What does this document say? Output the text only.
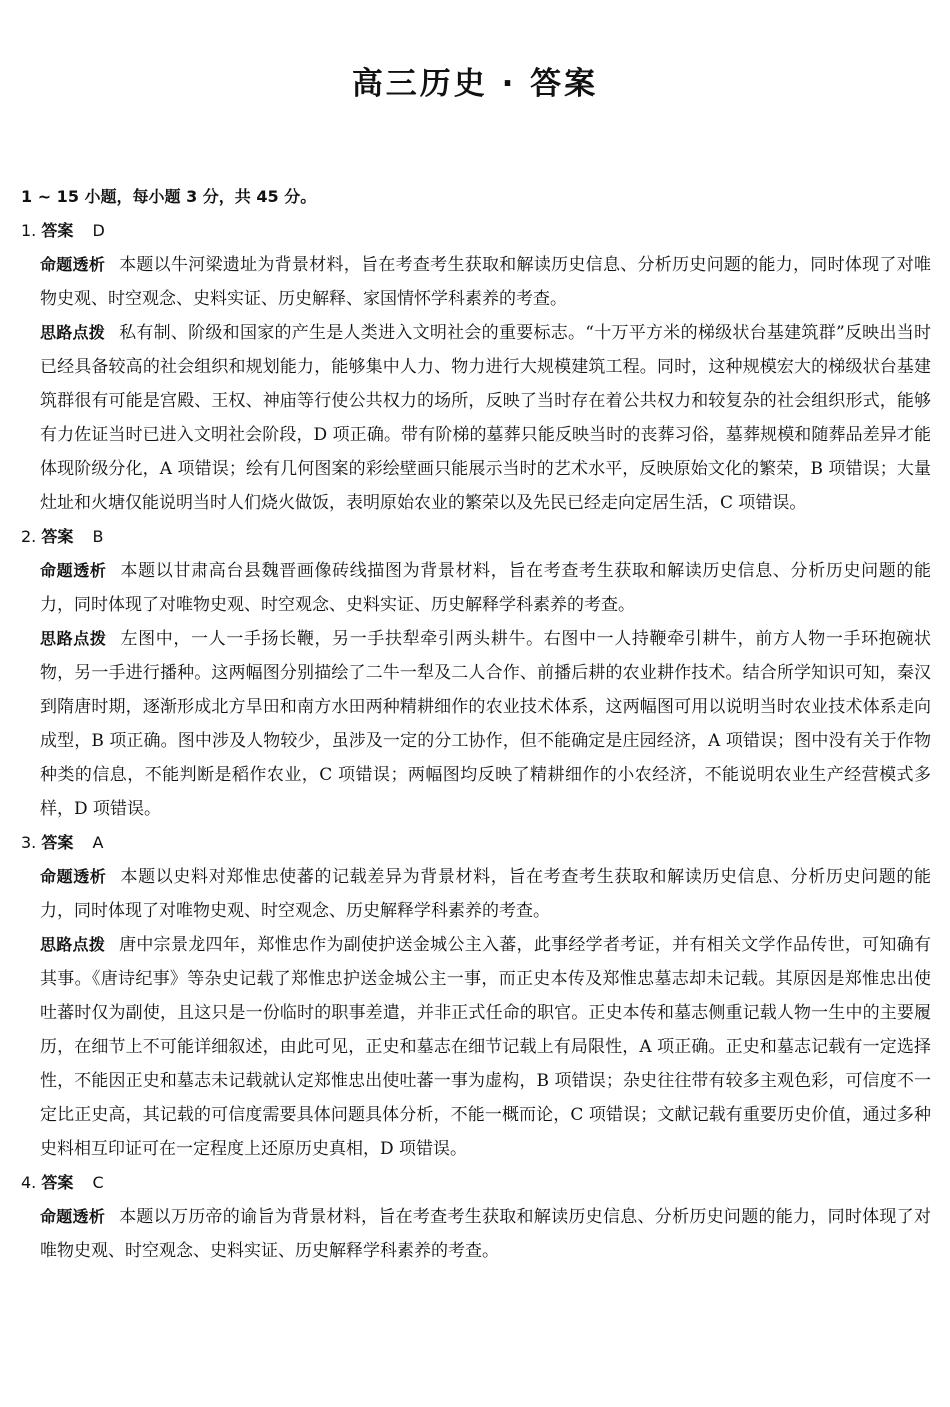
高三历史 · 答案
1 ~ 15 小题，每小题 3 分，共 45 分。
1. 答案 D

命题透析 本题以牛河梁遗址为背景材料，旨在考查考生获取和解读历史信息、分析历史问题的能力，同时体现了对唯物史观、时空观念、史料实证、历史解释、家国情怀学科素养的考查。

思路点拨 私有制、阶级和国家的产生是人类进入文明社会的重要标志。“十万平方米的梯级状台基建筑群”反映出当时已经具备较高的社会组织和规划能力，能够集中人力、物力进行大规模建筑工程。同时，这种规模宏大的梯级状台基建筑群很有可能是宫殿、王权、神庙等行使公共权力的场所，反映了当时存在着公共权力和较复杂的社会组织形式，能够有力佐证当时已进入文明社会阶段，D 项正确。带有阶梯的墓葬只能反映当时的丧葬习俗，墓葬规模和随葬品差异才能体现阶级分化，A 项错误；绘有几何图案的彩绘壁画只能展示当时的艺术水平，反映原始文化的繁荣，B 项错误；大量灶址和火塘仅能说明当时人们烧火做饭，表明原始农业的繁荣以及先民已经走向定居生活，C 项错误。

2. 答案 B

命题透析 本题以甘肃高台县魏晋画像砖线描图为背景材料，旨在考查考生获取和解读历史信息、分析历史问题的能力，同时体现了对唯物史观、时空观念、史料实证、历史解释学科素养的考查。

思路点拨 左图中，一人一手扬长鞭，另一手扶犁牵引两头耕牛。右图中一人持鞭牵引耕牛，前方人物一手环抱碗状物，另一手进行播种。这两幅图分别描绘了二牛一犁及二人合作、前播后耕的农业耕作技术。结合所学知识可知，秦汉到隋唐时期，逐渐形成北方旱田和南方水田两种精耕细作的农业技术体系，这两幅图可用以说明当时农业技术体系走向成型，B 项正确。图中涉及人物较少，虽涉及一定的分工协作，但不能确定是庄园经济，A 项错误；图中没有关于作物种类的信息，不能判断是稻作农业，C 项错误；两幅图均反映了精耕细作的小农经济，不能说明农业生产经营模式多样，D 项错误。

3. 答案 A

命题透析 本题以史料对郑惟忠使蕃的记载差异为背景材料，旨在考查考生获取和解读历史信息、分析历史问题的能力，同时体现了对唯物史观、时空观念、历史解释学科素养的考查。

思路点拨 唐中宗景龙四年，郑惟忠作为副使护送金城公主入蕃，此事经学者考证，并有相关文学作品传世，可知确有其事。《唐诗纪事》等杂史记载了郑惟忠护送金城公主一事，而正史本传及郑惟忠墓志却未记载。其原因是郑惟忠出使吐蕃时仅为副使，且这只是一份临时的职事差遣，并非正式任命的职官。正史本传和墓志侧重记载人物一生中的主要履历，在细节上不可能详细叙述，由此可见，正史和墓志在细节记载上有局限性，A 项正确。正史和墓志记载有一定选择性，不能因正史和墓志未记载就认定郑惟忠出使吐蕃一事为虚构，B 项错误；杂史往往带有较多主观色彩，可信度不一定比正史高，其记载的可信度需要具体问题具体分析，不能一概而论，C 项错误；文献记载有重要历史价值，通过多种史料相互印证可在一定程度上还原历史真相，D 项错误。

4. 答案 C

命题透析 本题以万历帝的谕旨为背景材料，旨在考查考生获取和解读历史信息、分析历史问题的能力，同时体现了对唯物史观、时空观念、史料实证、历史解释学科素养的考查。
